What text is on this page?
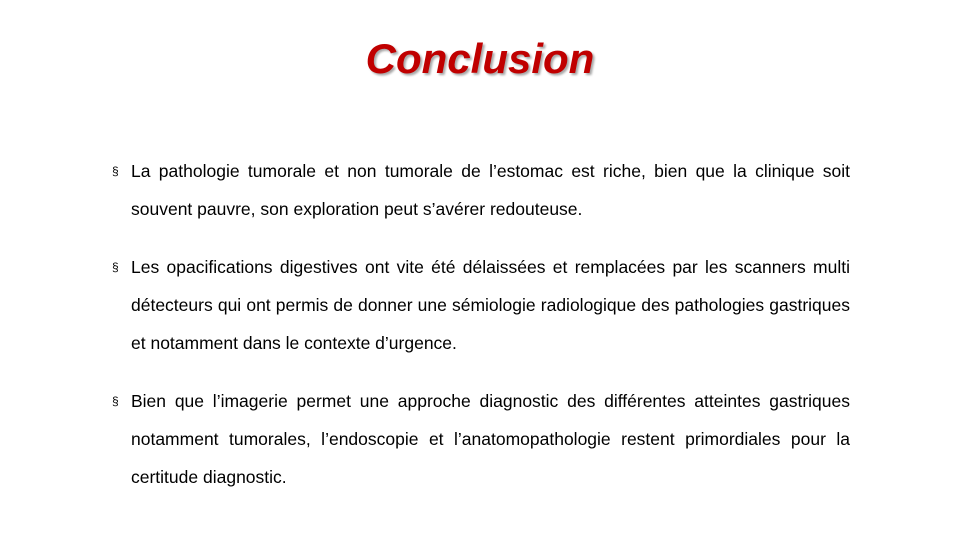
Conclusion
§ La pathologie tumorale et non tumorale de l’estomac est riche, bien que la clinique soit souvent pauvre, son exploration peut s’avérer redouteuse.
§ Les opacifications digestives ont vite été délaissées et remplacées par les scanners multi détecteurs qui ont permis de donner une sémiologie radiologique des pathologies gastriques et notamment dans le contexte d’urgence.
§ Bien que l’imagerie permet une approche diagnostic des différentes atteintes gastriques notamment tumorales, l’endoscopie et l’anatomopathologie restent primordiales pour la certitude diagnostic.
